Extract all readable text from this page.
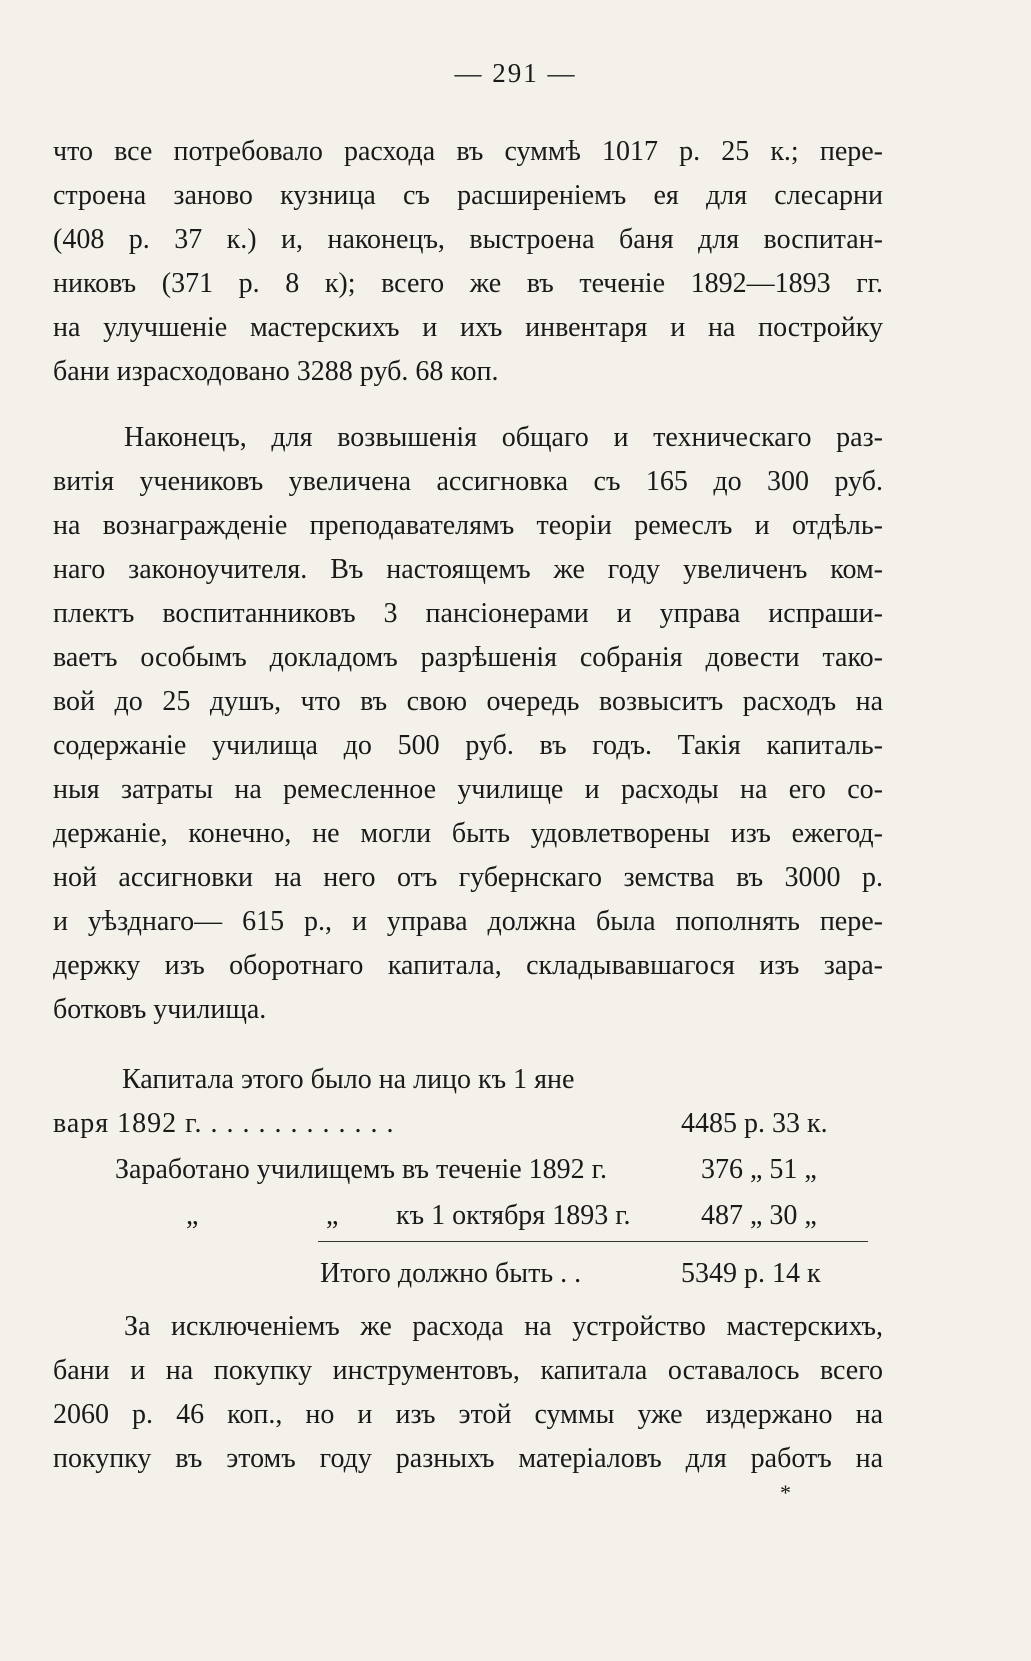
— 291 —
что все потребовало расхода въ суммѣ 1017 р. 25 к.; пере-
строена заново кузница съ расширеніемъ ея для слесарни
(408 р. 37 к.) и, наконецъ, выстроена баня для воспитан-
никовъ (371 р. 8 к); всего же въ теченіе 1892—1893 гг.
на улучшеніе мастерскихъ и ихъ инвентаря и на постройку
бани израсходовано 3288 руб. 68 коп.
Наконецъ, для возвышенія общаго и техническаго раз-
витія учениковъ увеличена ассигновка съ 165 до 300 руб.
на вознагражденіе преподавателямъ теоріи ремеслъ и отдѣль-
наго законоучителя. Въ настоящемъ же году увеличенъ ком-
плектъ воспитанниковъ 3 пансіонерами и управа испраши-
ваетъ особымъ докладомъ разрѣшенія собранія довести тако-
вой до 25 душъ, что въ свою очередь возвыситъ расходъ на
содержаніе училища до 500 руб. въ годъ. Такія капиталь-
ныя затраты на ремесленное училище и расходы на его со-
держаніе, конечно, не могли быть удовлетворены изъ ежегод-
ной ассигновки на него отъ губернскаго земства въ 3000 р.
и уѣзднаго— 615 р., и управа должна была пополнять пере-
держку изъ оборотнаго капитала, складывавшагося изъ зара-
ботковъ училища.
Капитала этого было на лицо къ 1 яне
варя 1892 г. . . . . . . . . . . . .	4485 р. 33 к.
Заработано училищемъ въ теченіе 1892 г.	376 „ 51 „
„	„ къ 1 октября 1893 г.	487 „ 30 „
Итого должно быть . .	5349 р. 14 к
За исключеніемъ же расхода на устройство мастерскихъ,
бани и на покупку инструментовъ, капитала оставалось всего
2060 р. 46 коп., но и изъ этой суммы уже издержано на
покупку въ этомъ году разныхъ матеріаловъ для работъ на
*
